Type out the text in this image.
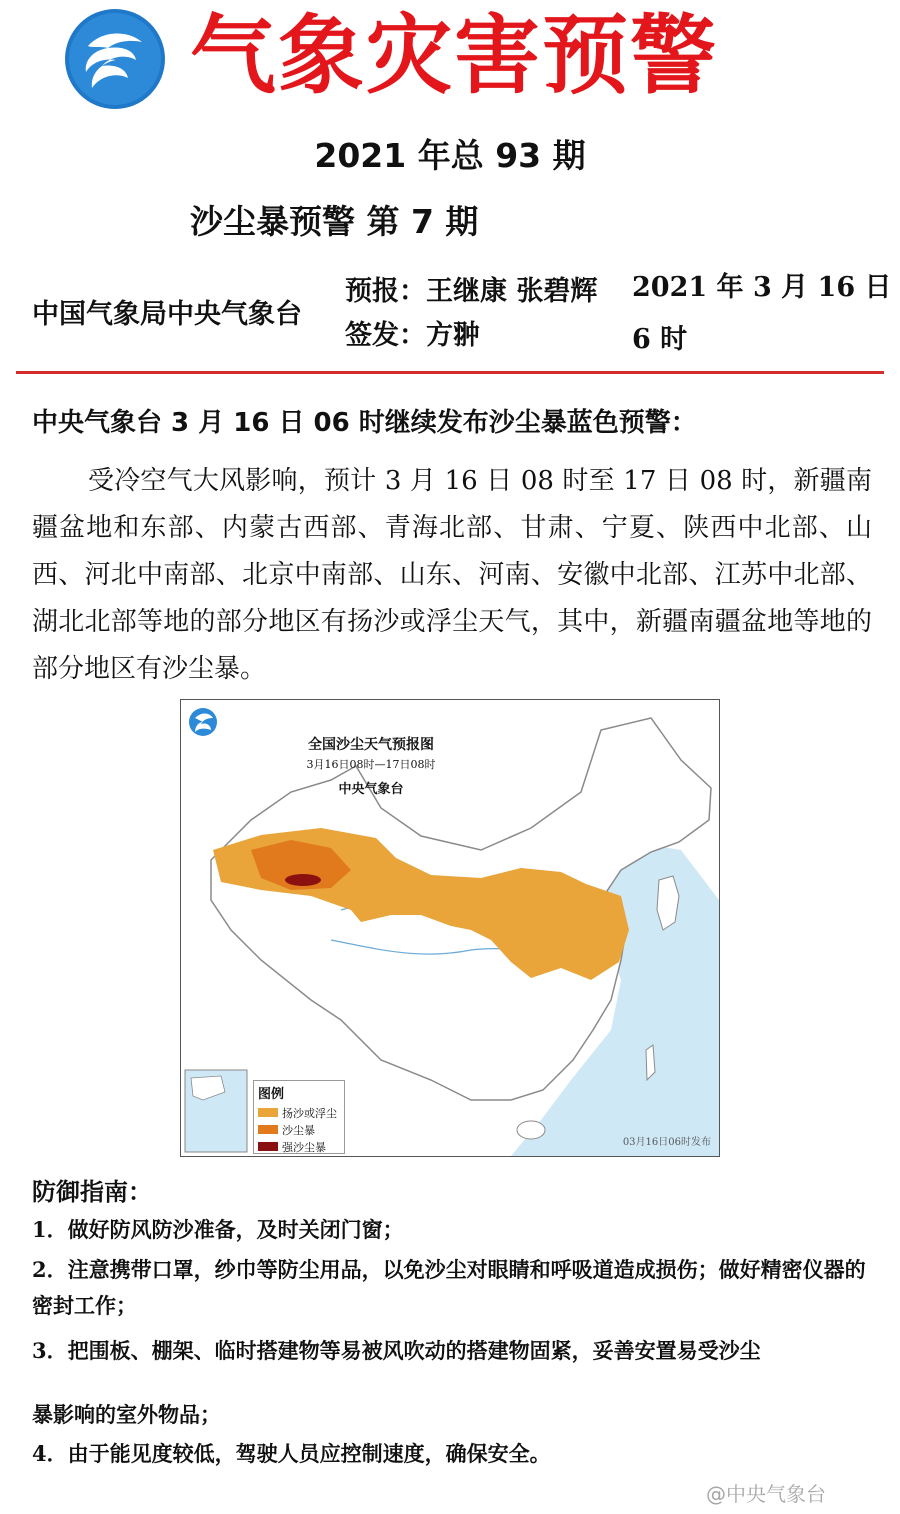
气象灾害预警
2021 年总 93 期
沙尘暴预警 第 7 期
中国气象局中央气象台
预报：王继康 张碧辉
签发：方翀
2021 年 3 月 16 日 6 时
中央气象台 3 月 16 日 06 时继续发布沙尘暴蓝色预警：
受冷空气大风影响，预计 3 月 16 日 08 时至 17 日 08 时，新疆南疆盆地和东部、内蒙古西部、青海北部、甘肃、宁夏、陕西中北部、山西、河北中南部、北京中南部、山东、河南、安徽中北部、江苏中北部、湖北北部等地的部分地区有扬沙或浮尘天气，其中，新疆南疆盆地等地的部分地区有沙尘暴。
全国沙尘天气预报图
3月16日08时—17日08时
中央气象台
图例
扬沙或浮尘
沙尘暴
强沙尘暴	03月16日06时发布
防御指南：
1．做好防风防沙准备，及时关闭门窗；
2．注意携带口罩，纱巾等防尘用品，以免沙尘对眼睛和呼吸道造成损伤；做好精密仪器的密封工作；
3．把围板、棚架、临时搭建物等易被风吹动的搭建物固紧，妥善安置易受沙尘
暴影响的室外物品；
4．由于能见度较低，驾驶人员应控制速度，确保安全。
@中央气象台
